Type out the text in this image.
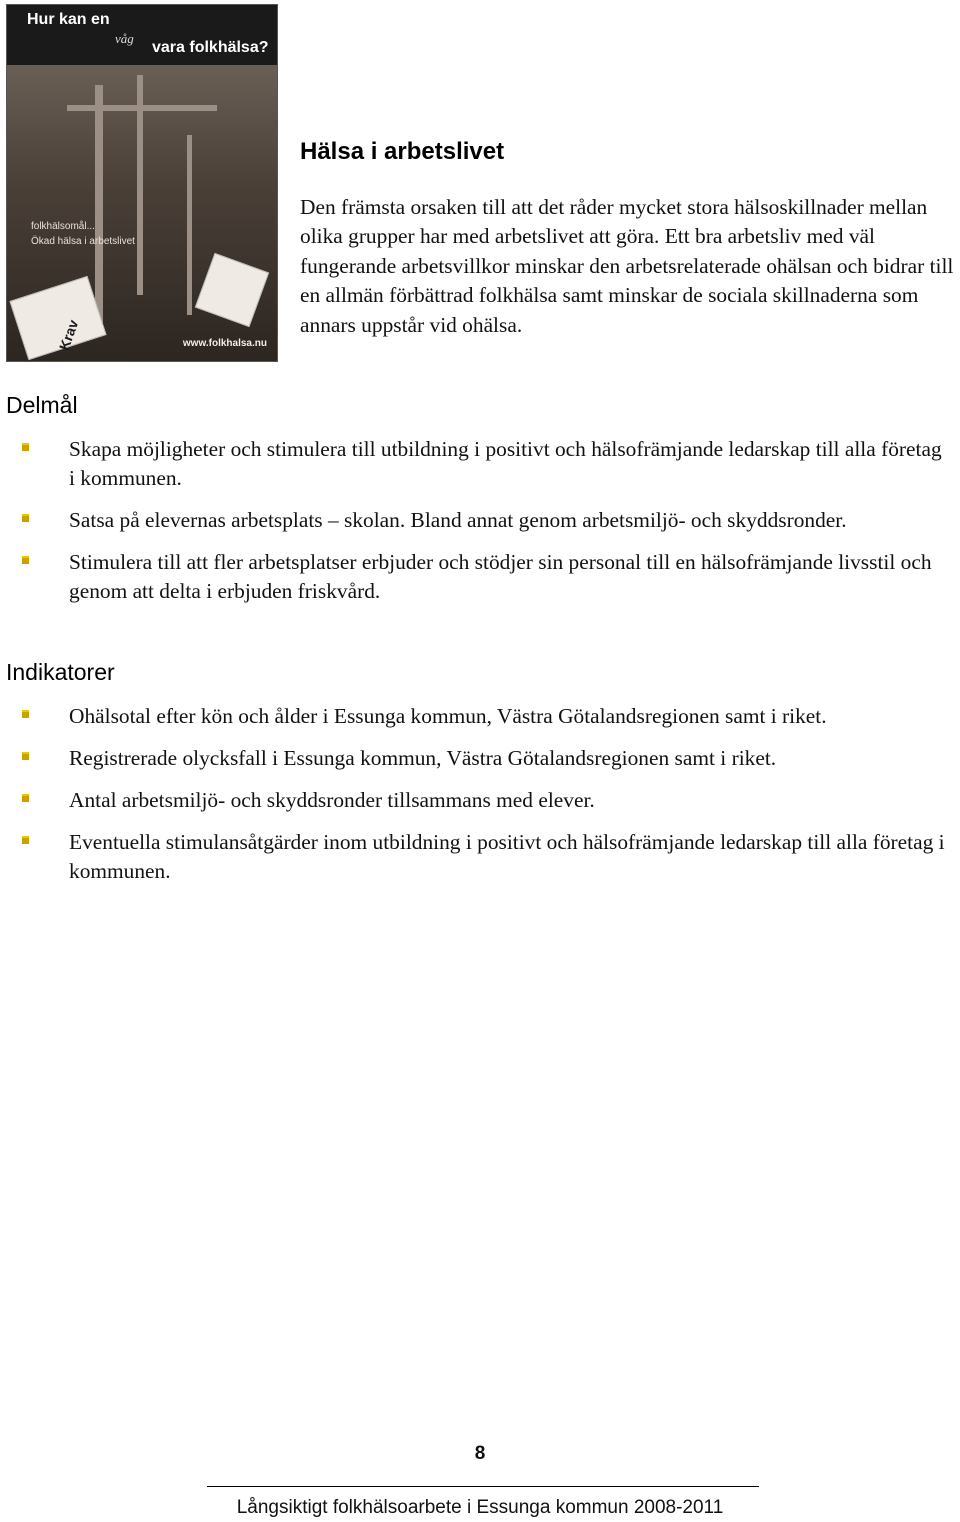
Hur kan en
våg
vara folkhälsa?
folkhälsomål...
Ökad hälsa i arbetslivet
www.folkhalsa.nu
Krav
Hälsa i arbetslivet

Den främsta orsaken till att det råder mycket stora hälsoskillnader mellan olika grupper har med arbetslivet att göra. Ett bra arbetsliv med väl fungerande arbetsvillkor minskar den arbetsrelaterade ohälsan och bidrar till en allmän förbättrad folkhälsa samt minskar de sociala skillnaderna som annars uppstår vid ohälsa.

Delmål
Skapa möjligheter och stimulera till utbildning i positivt och hälsofrämjande ledarskap till alla företag i kommunen.
Satsa på elevernas arbetsplats – skolan. Bland annat genom arbetsmiljö- och skyddsronder.
Stimulera till att fler arbetsplatser erbjuder och stödjer sin personal till en hälsofrämjande livsstil och genom att delta i erbjuden friskvård.
Indikatorer
Ohälsotal efter kön och ålder i Essunga kommun, Västra Götalandsregionen samt i riket.
Registrerade olycksfall i Essunga kommun, Västra Götalandsregionen samt i riket.
Antal arbetsmiljö- och skyddsronder tillsammans med elever.
Eventuella stimulansåtgärder inom utbildning i positivt och hälsofrämjande ledarskap till alla företag i kommunen.
8
Långsiktigt folkhälsoarbete i Essunga kommun 2008-2011
